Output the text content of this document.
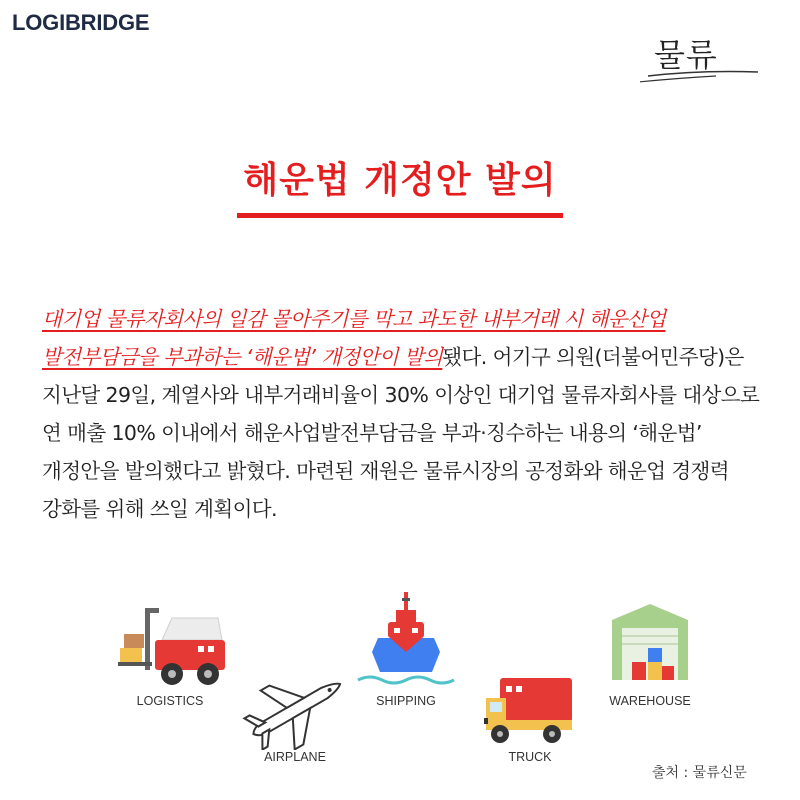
LOGIBRIDGE
물류
해운법 개정안 발의
대기업 물류자회사의 일감 몰아주기를 막고 과도한 내부거래 시 해운산업 발전부담금을 부과하는 ‘해운법’ 개정안이 발의됐다. 어기구 의원(더불어민주당)은 지난달 29일, 계열사와 내부거래비율이 30% 이상인 대기업 물류자회사를 대상으로 연 매출 10% 이내에서 해운사업발전부담금을 부과·징수하는 내용의 ‘해운법’ 개정안을 발의했다고 밝혔다. 마련된 재원은 물류시장의 공정화와 해운업 경쟁력 강화를 위해 쓰일 계획이다.
LOGISTICS
AIRPLANE
SHIPPING
TRUCK
WAREHOUSE
출처 : 물류신문
